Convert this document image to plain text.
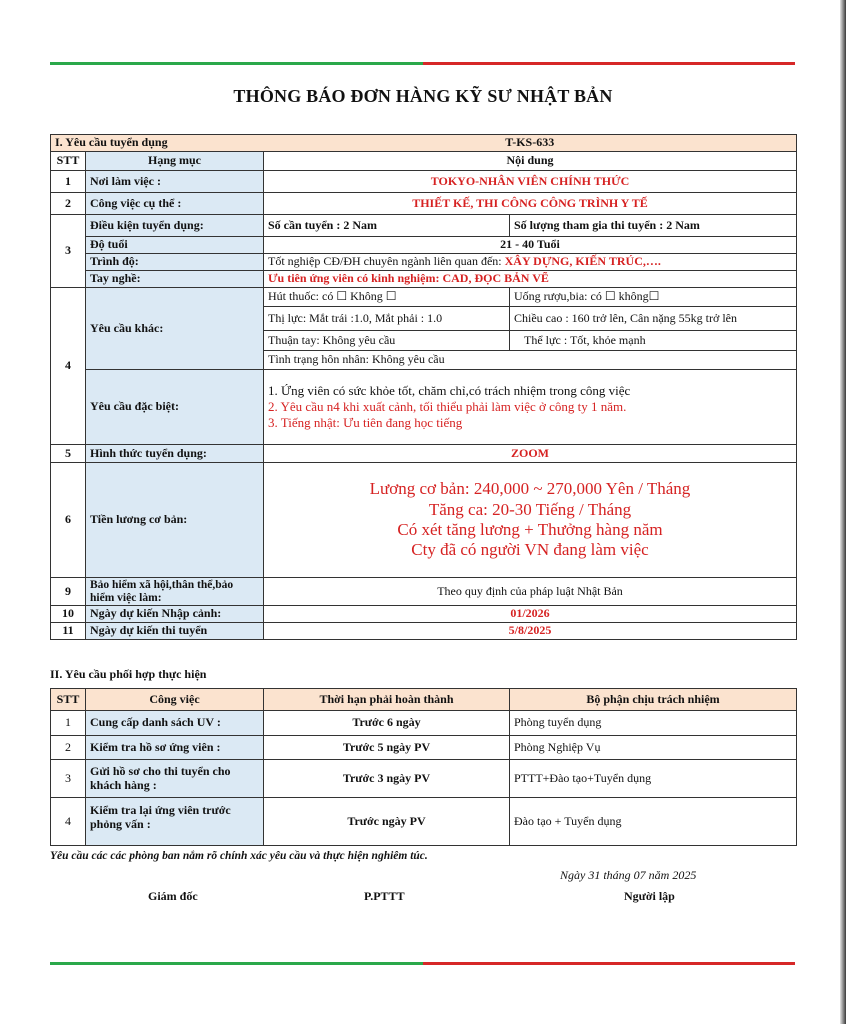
THÔNG BÁO ĐƠN HÀNG KỸ SƯ NHẬT BẢN
I. Yêu cầu tuyển dụng		T-KS-633	
STT	Hạng mục	Nội dung	
1	Nơi làm việc :	TOKYO-NHÂN VIÊN CHÍNH THỨC	
2	Công việc cụ thể :	THIẾT KẾ, THI CÔNG CÔNG TRÌNH Y TẾ	
3	Điều kiện tuyển dụng:	Số cần tuyển : 2 Nam	Số lượng tham gia thi tuyển : 2 Nam
	Độ tuổi	21 - 40 Tuổi	
	Trình độ:	Tốt nghiệp CĐ/ĐH chuyên ngành liên quan đến: XÂY DỰNG, KIẾN TRÚC,….	
	Tay nghề:	Ưu tiên ứng viên có kinh nghiệm: CAD, ĐỌC BẢN VẼ	
4	Yêu cầu khác:	Hút thuốc: có ☐ Không ☐	Uống rượu,bia: có ☐ không☐
		Thị lực: Mắt trái :1.0, Mắt phải : 1.0	Chiều cao : 160 trở lên, Cân nặng 55kg trở lên
		Thuận tay: Không yêu cầu	Thể lực : Tốt, khỏe mạnh
		Tình trạng hôn nhân: Không yêu cầu	
	Yêu cầu đặc biệt:	1. Ứng viên có sức khỏe tốt, chăm chỉ,có trách nhiệm trong công việc
2. Yêu cầu n4 khi xuất cảnh, tối thiểu phải làm việc ở công ty 1 năm.
3. Tiếng nhật: Ưu tiên đang học tiếng	

5	Hình thức tuyển dụng:	ZOOM	
6	Tiền lương cơ bản:	Lương cơ bản: 240,000 ~ 270,000 Yên / Tháng
Tăng ca: 20-30 Tiếng / Tháng
Có xét tăng lương + Thưởng hàng năm
Cty đã có người VN đang làm việc	

9	Bảo hiểm xã hội,thân thể,bảo hiểm việc làm:	Theo quy định của pháp luật Nhật Bản	
10	Ngày dự kiến Nhập cảnh:	01/2026	
11	Ngày dự kiến thi tuyển	5/8/2025	
II. Yêu cầu phối hợp thực hiện
STT	Công việc	Thời hạn phải hoàn thành	Bộ phận chịu trách nhiệm
1	Cung cấp danh sách UV :	Trước 6 ngày	Phòng tuyển dụng
2	Kiểm tra hồ sơ ứng viên :	Trước 5 ngày PV	Phòng Nghiệp Vụ
3	Gửi hồ sơ cho thi tuyển cho khách hàng :	Trước 3 ngày PV	PTTT+Đào tạo+Tuyển dụng
4	Kiểm tra lại ứng viên trước phỏng vấn :	Trước ngày PV	Đào tạo + Tuyển dụng
Yêu cầu các các phòng ban nắm rõ chính xác yêu cầu và thực hiện nghiêm túc.
Ngày 31 tháng 07 năm 2025
Giám đốc	P.PTTT	Người lập
